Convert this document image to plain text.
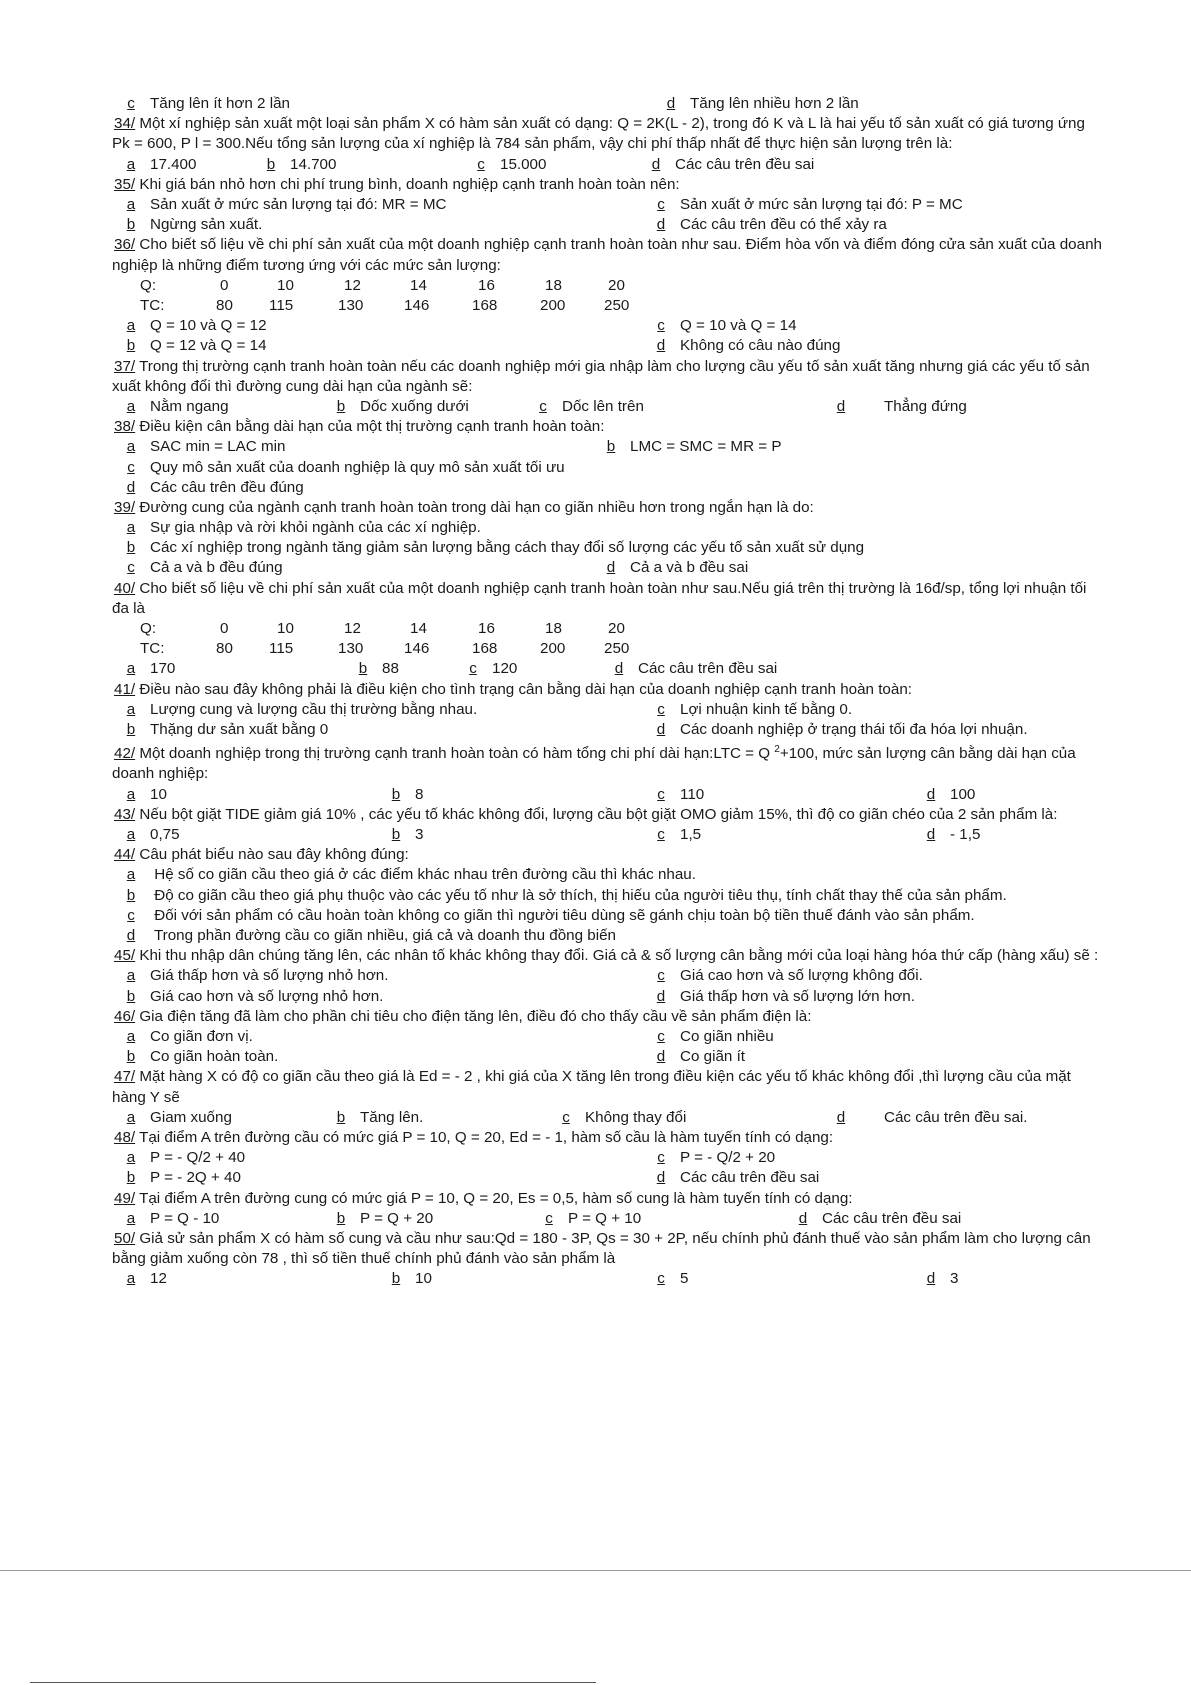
c Tăng lên ít hơn 2 lần	d Tăng lên nhiều hơn 2 lần
34/ Một xí nghiệp sản xuất một loại sản phẩm X có hàm sản xuất có dạng: Q = 2K(L - 2), trong đó K và L là hai yếu tố sản xuất có giá tương ứng Pk = 600, P l = 300.Nếu tổng sản lượng của xí nghiệp là 784 sản phẩm, vậy chi phí thấp nhất để thực hiện sản lượng trên là:
a 17.400	b 14.700	c 15.000	d Các câu trên đều sai
35/ Khi giá bán nhỏ hơn chi phí trung bình, doanh nghiệp cạnh tranh hoàn toàn nên:
a Sản xuất ở mức sản lượng tại đó: MR = MC	c Sản xuất ở mức sản lượng tại đó: P = MC
b Ngừng sản xuất.	d Các câu trên đều có thể xảy ra
36/ Cho biết số liệu về chi phí sản xuất của một doanh nghiệp cạnh tranh hoàn toàn như sau. Điểm hòa vốn và điểm đóng cửa sản xuất của doanh nghiệp là những điểm tương ứng với các mức sản lượng:
Q:	0	10	12	14	16	18	20
TC:	80 115	130	146	168	200	250
a Q = 10 và Q = 12	c Q = 10 và Q = 14
b Q = 12 và Q = 14	d Không có câu nào đúng
37/ Trong thị trường cạnh tranh hoàn toàn nếu các doanh nghiệp mới gia nhập làm cho lượng cầu yếu tố sản xuất tăng nhưng giá các yếu tố sản xuất không đổi thì đường cung dài hạn của ngành sẽ:
a Nằm ngang	b Dốc xuống dưới	c Dốc lên trên	d	Thẳng đứng
38/ Điều kiện cân bằng dài hạn của một thị trường cạnh tranh hoàn toàn:
a SAC min = LAC min	b LMC = SMC = MR = P
c Quy mô sản xuất của doanh nghiệp là quy mô sản xuất tối ưu
d Các câu trên đều đúng
39/ Đường cung của ngành cạnh tranh hoàn toàn trong dài hạn co giãn nhiều hơn trong ngắn hạn là do:
a Sự gia nhập và rời khỏi ngành của các xí nghiệp.
b Các xí nghiệp trong ngành tăng giảm sản lượng bằng cách thay đổi số lượng các yếu tố sản xuất sử dụng
c Cả a và b đều đúng	d Cả a và b đều sai
40/ Cho biết số liệu về chi phí sản xuất của một doanh nghiệp cạnh tranh hoàn toàn như sau.Nếu giá trên thị trường là 16đ/sp, tổng lợi nhuận tối đa là
Q:	0	10	12	14	16	18	20
TC:	80 115	130	146	168	200	250
a 170	b 88	c 120	d Các câu trên đều sai
41/ Điều nào sau đây không phải là điều kiện cho tình trạng cân bằng dài hạn của doanh nghiệp cạnh tranh hoàn toàn:
a Lượng cung và lượng cầu thị trường bằng nhau.	c Lợi nhuận kinh tế bằng 0.
b Thặng dư sản xuất bằng 0	d Các doanh nghiệp ở trạng thái tối đa hóa lợi nhuận.
42/ Một doanh nghiệp trong thị trường cạnh tranh hoàn toàn có hàm tổng chi phí dài hạn:LTC = Q $^2$+100, mức sản lượng cân bằng dài hạn của doanh nghiệp:
a 10	b 8	c 110	d 100
43/ Nếu bột giặt TIDE giảm giá 10% , các yếu tố khác không đổi, lượng cầu bột giặt OMO giảm 15%, thì độ co giãn chéo của 2 sản phẩm là:
a 0,75	b 3	c 1,5	d - 1,5
44/ Câu phát biểu nào sau đây không đúng:
a Hệ số co giãn cầu theo giá ở các điểm khác nhau trên đường cầu thì khác nhau.
b Độ co giãn cầu theo giá phụ thuộc vào các yếu tố như là sở thích, thị hiếu của người tiêu thụ, tính chất thay thế của sản phẩm.
c Đối với sản phẩm có cầu hoàn toàn không co giãn thì người tiêu dùng sẽ gánh chịu toàn bộ tiền thuế đánh vào sản phẩm.
d Trong phần đường cầu co giãn nhiều, giá cả và doanh thu đồng biến
45/ Khi thu nhập dân chúng tăng lên, các nhân tố khác không thay đổi. Giá cả & số lượng cân bằng mới của loại hàng hóa thứ cấp (hàng xấu) sẽ :
a Giá thấp hơn và số lượng nhỏ hơn.	c Giá cao hơn và số lượng không đổi.
b Giá cao hơn và số lượng nhỏ hơn.	d Giá thấp hơn và số lượng lớn hơn.
46/ Gia điện tăng đã làm cho phần chi tiêu cho điện tăng lên, điều đó cho thấy cầu về sản phẩm điện là:
a Co giãn đơn vị.	c Co giãn nhiều
b Co giãn hoàn toàn.	d Co giãn ít
47/ Mặt hàng X có độ co giãn cầu theo giá là Ed = - 2 , khi giá của X tăng lên trong điều kiện các yếu tố khác không đổi ,thì lượng cầu của mặt hàng Y sẽ
a Giam xuống	b Tăng lên.	c Không thay đổi	d	Các câu trên đều sai.
48/ Tại điểm A trên đường cầu có mức giá P = 10, Q = 20, Ed = - 1, hàm số cầu là hàm tuyến tính có dạng:
a P = - Q/2 + 40	c P = - Q/2 + 20
b P = - 2Q + 40	d Các câu trên đều sai
49/ Tại điểm A trên đường cung có mức giá P = 10, Q = 20, Es = 0,5, hàm số cung là hàm tuyến tính có dạng:
a P = Q - 10	b P = Q + 20	c P = Q + 10	d Các câu trên đều sai
50/ Giả sử sản phẩm X có hàm số cung và cầu như sau:Qd = 180 - 3P, Qs = 30 + 2P, nếu chính phủ đánh thuế vào sản phẩm làm cho lượng cân bằng giảm xuống còn 78 , thì số tiền thuế chính phủ đánh vào sản phẩm là
a 12	b 10	c 5	d 3
